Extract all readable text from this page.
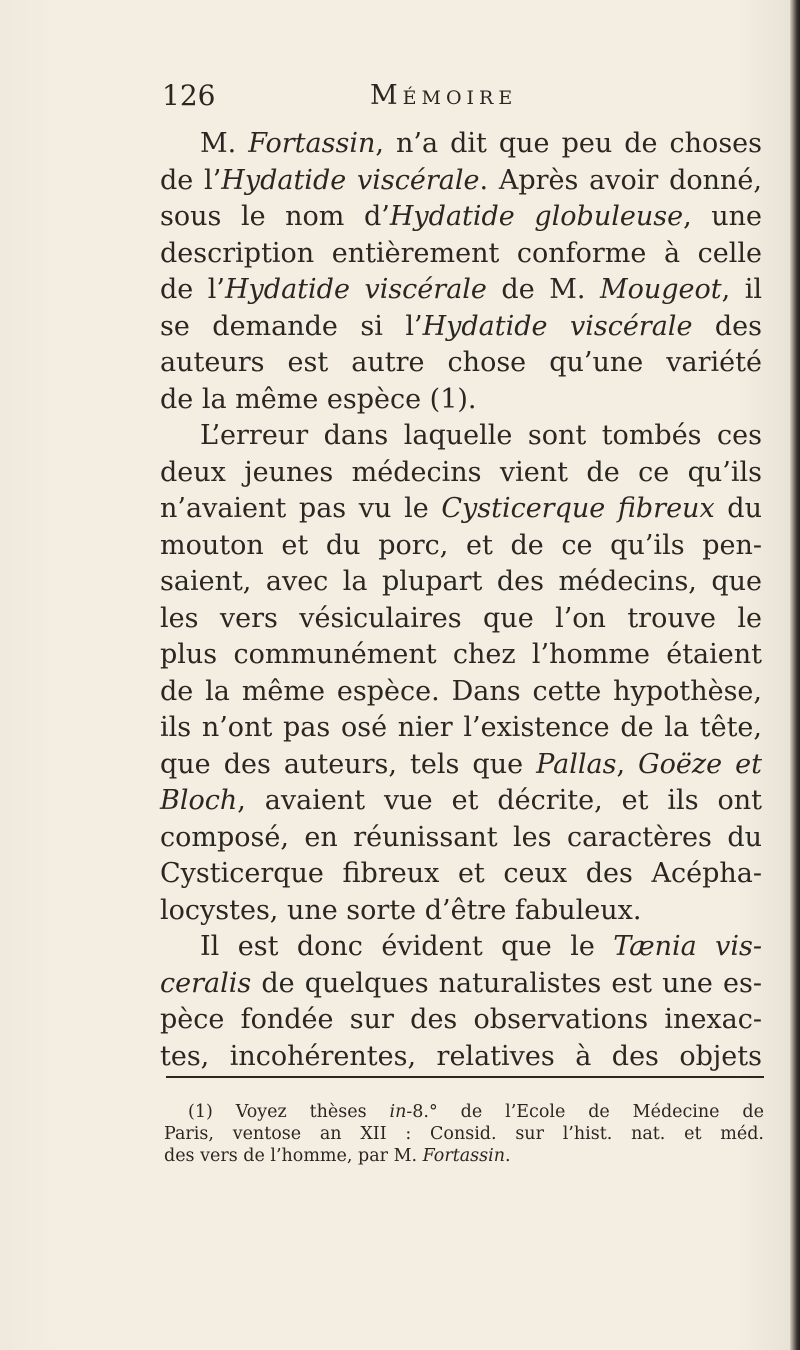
126	Mémoire
M. Fortassin, n’a dit que peu de choses
de l’Hydatide viscérale. Après avoir donné,
sous le nom d’Hydatide globuleuse, une
description entièrement conforme à celle
de l’Hydatide viscérale de M. Mougeot, il
se demande si l’Hydatide viscérale des
auteurs est autre chose qu’une variété
de la même espèce (1).
L’erreur dans laquelle sont tombés ces
deux jeunes médecins vient de ce qu’ils
n’avaient pas vu le Cysticerque fibreux du
mouton et du porc, et de ce qu’ils pen-
saient, avec la plupart des médecins, que
les vers vésiculaires que l’on trouve le
plus communément chez l’homme étaient
de la même espèce. Dans cette hypothèse,
ils n’ont pas osé nier l’existence de la tête,
que des auteurs, tels que Pallas, Goëze et
Bloch, avaient vue et décrite, et ils ont
composé, en réunissant les caractères du
Cysticerque fibreux et ceux des Acépha-
locystes, une sorte d’être fabuleux.
Il est donc évident que le Tænia vis-
ceralis de quelques naturalistes est une es-
pèce fondée sur des observations inexac-
tes, incohérentes, relatives à des objets
(1) Voyez thèses in-8.° de l’Ecole de Médecine de
Paris, ventose an XII : Consid. sur l’hist. nat. et méd.
des vers de l’homme, par M. Fortassin.
